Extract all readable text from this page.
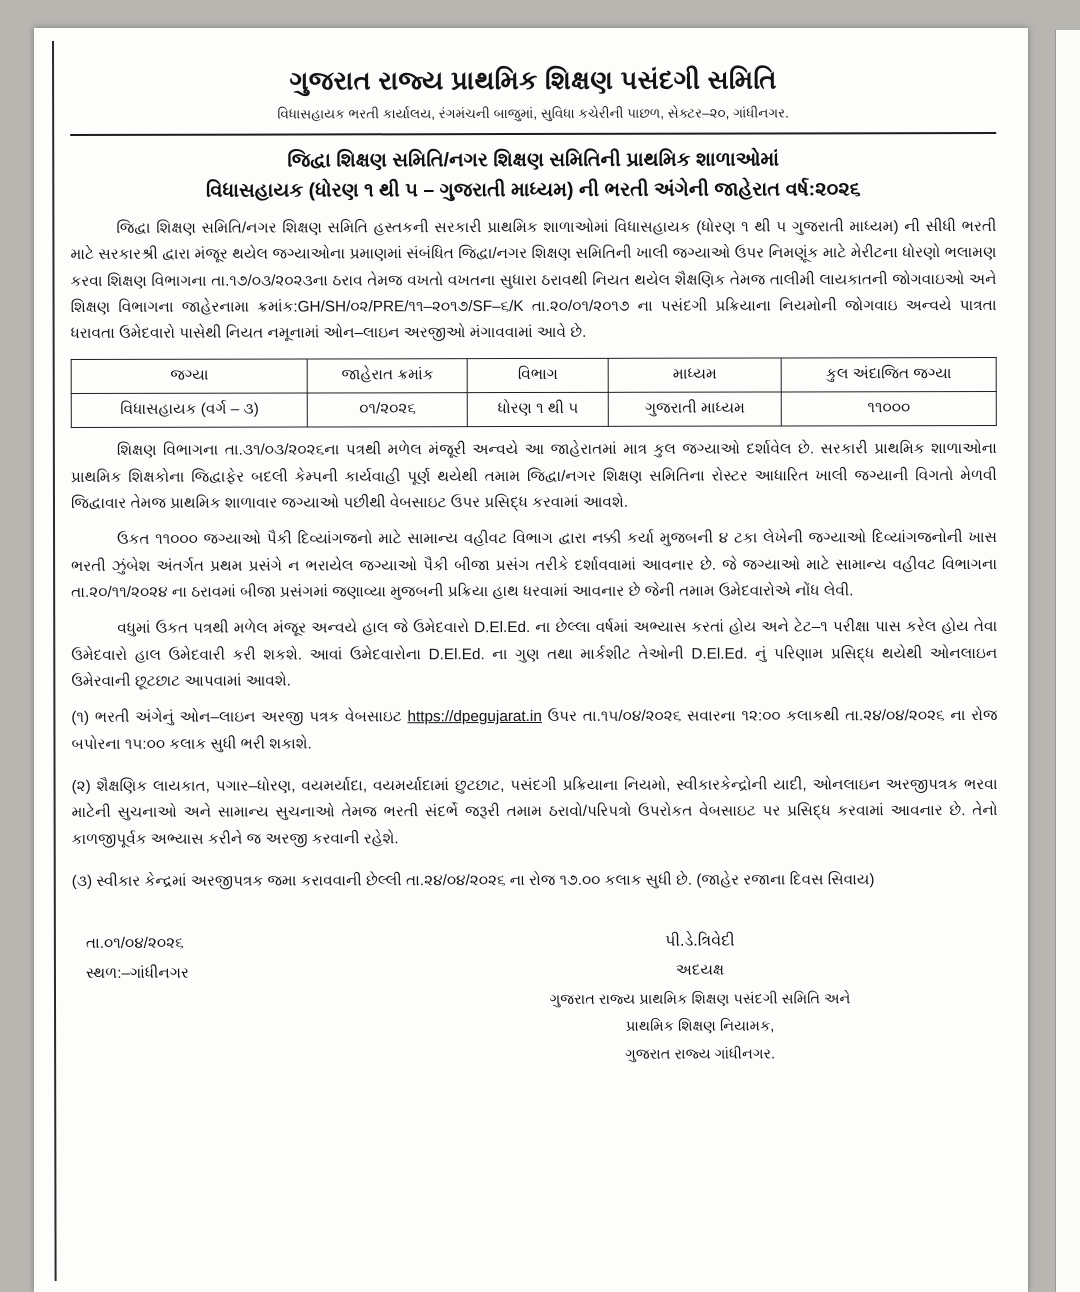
ગુજરાત રાજ્ય પ્રાથમિક શિક્ષણ પસંદગી સમિતિ
વિધાસહાયક ભરતી કાર્યાલય, રંગમંચની બાજુમાં, સુવિધા કચેરીની પાછળ, સેક્ટર–૨૦, ગાંધીનગર.
જિદ્વા શિક્ષણ સમિતિ/નગર શિક્ષણ સમિતિની પ્રાથમિક શાળાઓમાં
વિધાસહાયક (ધોરણ ૧ થી ૫ – ગુજરાતી માધ્યમ) ની ભરતી અંગેની જાહેરાત વર્ષ:૨૦૨૬

જિદ્વા શિક્ષણ સમિતિ/નગર શિક્ષણ સમિતિ હસ્તકની સરકારી પ્રાથમિક શાળાઓમાં વિધાસહાયક (ધોરણ ૧ થી ૫ ગુજરાતી માધ્યમ) ની સીધી ભરતી માટે સરકારશ્રી દ્વારા મંજૂર થયેલ જગ્યાઓના પ્રમાણમાં સંબંધિત જિદ્વા/નગર શિક્ષણ સમિતિની ખાલી જગ્યાઓ ઉપર નિમણૂંક માટે મેરીટના ધોરણો ભલામણ કરવા શિક્ષણ વિભાગના તા.૧૭/૦૩/૨૦૨૩ના ઠરાવ તેમજ વખતો વખતના સુધારા ઠરાવથી નિયત થયેલ શૈક્ષણિક તેમજ તાલીમી લાયકાતની જોગવાઇઓ અને શિક્ષણ વિભાગના જાહેરનામા ક્રમાંક:GH/SH/૦૨/PRE/૧૧–૨૦૧૭/SF–૬/K તા.૨૦/૦૧/૨૦૧૭ ના પસંદગી પ્રક્રિયાના નિયમોની જોગવાઇ અન્વયે પાત્રતા ધરાવતા ઉમેદવારો પાસેથી નિયત નમૂનામાં ઓન–લાઇન અરજીઓ મંગાવવામાં આવે છે.

જગ્યા	જાહેરાત ક્રમાંક	વિભાગ	માધ્યમ	કુલ અંદાજિત જગ્યા
વિધાસહાયક (વર્ગ – ૩)	૦૧/૨૦૨૬	ધોરણ ૧ થી ૫	ગુજરાતી માધ્યમ	૧૧૦૦૦

શિક્ષણ વિભાગના તા.૩૧/૦૩/૨૦૨૬ના પત્રથી મળેલ મંજૂરી અન્વયે આ જાહેરાતમાં માત્ર કુલ જગ્યાઓ દર્શાવેલ છે. સરકારી પ્રાથમિક શાળાઓના પ્રાથમિક શિક્ષકોના જિદ્વાફેર બદલી કેમ્પની કાર્યવાહી પૂર્ણ થયેથી તમામ જિદ્વા/નગર શિક્ષણ સમિતિના રોસ્ટર આધારિત ખાલી જગ્યાની વિગતો મેળવી જિદ્વાવાર તેમજ પ્રાથમિક શાળાવાર જગ્યાઓ પછીથી વેબસાઇટ ઉપર પ્રસિદ્ધ કરવામાં આવશે.

ઉકત ૧૧૦૦૦ જગ્યાઓ પૈકી દિવ્યાંગજનો માટે સામાન્ય વહીવટ વિભાગ દ્વારા નક્કી કર્યા મુજબની ૪ ટકા લેખેની જગ્યાઓ દિવ્યાંગજનોની ખાસ ભરતી ઝુંબેશ અંતર્ગત પ્રથમ પ્રસંગે ન ભરાયેલ જગ્યાઓ પૈકી બીજા પ્રસંગ તરીકે દર્શાવવામાં આવનાર છે. જે જગ્યાઓ માટે સામાન્ય વહીવટ વિભાગના તા.૨૦/૧૧/૨૦૨૪ ના ઠરાવમાં બીજા પ્રસંગમાં જણાવ્યા મુજબની પ્રક્રિયા હાથ ધરવામાં આવનાર છે જેની તમામ ઉમેદવારોએ નોંધ લેવી.

વધુમાં ઉકત પત્રથી મળેલ મંજૂર અન્વયે હાલ જે ઉમેદવારો D.El.Ed. ના છેલ્લા વર્ષમાં અભ્યાસ કરતાં હોય અને ટેટ–૧ પરીક્ષા પાસ કરેલ હોય તેવા ઉમેદવારો હાલ ઉમેદવારી કરી શકશે. આવાં ઉમેદવારોના D.El.Ed. ના ગુણ તથા માર્કશીટ તેઓની D.El.Ed. નું પરિણામ પ્રસિદ્ધ થયેથી ઓનલાઇન ઉમેરવાની છૂટછાટ આપવામાં આવશે.

(૧) ભરતી અંગેનું ઓન–લાઇન અરજી પત્રક વેબસાઇટ https://dpegujarat.in ઉપર તા.૧૫/૦૪/૨૦૨૬ સવારના ૧૨:૦૦ કલાકથી તા.૨૪/૦૪/૨૦૨૬ ના રોજ બપોરના ૧૫:૦૦ કલાક સુધી ભરી શકાશે.

(૨) શૈક્ષણિક લાયકાત, પગાર–ધોરણ, વયમર્યાદા, વયમર્યાદામાં છુટછાટ, પસંદગી પ્રક્રિયાના નિયમો, સ્વીકારકેન્દ્રોની યાદી, ઓનલાઇન અરજીપત્રક ભરવા માટેની સુચનાઓ અને સામાન્ય સુચનાઓ તેમજ ભરતી સંદર્ભે જરૂરી તમામ ઠરાવો/પરિપત્રો ઉપરોકત વેબસાઇટ પર પ્રસિદ્ધ કરવામાં આવનાર છે. તેનો કાળજીપૂર્વક અભ્યાસ કરીને જ અરજી કરવાની રહેશે.

(૩) સ્વીકાર કેન્દ્રમાં અરજીપત્રક જમા કરાવવાની છેલ્લી તા.૨૪/૦૪/૨૦૨૬ ના રોજ ૧૭.૦૦ કલાક સુધી છે. (જાહેર રજાના દિવસ સિવાય)

તા.૦૧/૦૪/૨૦૨૬
સ્થળ:–ગાંધીનગર
પી.ડે.ત્રિવેદી
અદયક્ષ
ગુજરાત રાજ્ય પ્રાથમિક શિક્ષણ પસંદગી સમિતિ અને
પ્રાથમિક શિક્ષણ નિયામક,
ગુજરાત રાજ્ય ગાંધીનગર.
